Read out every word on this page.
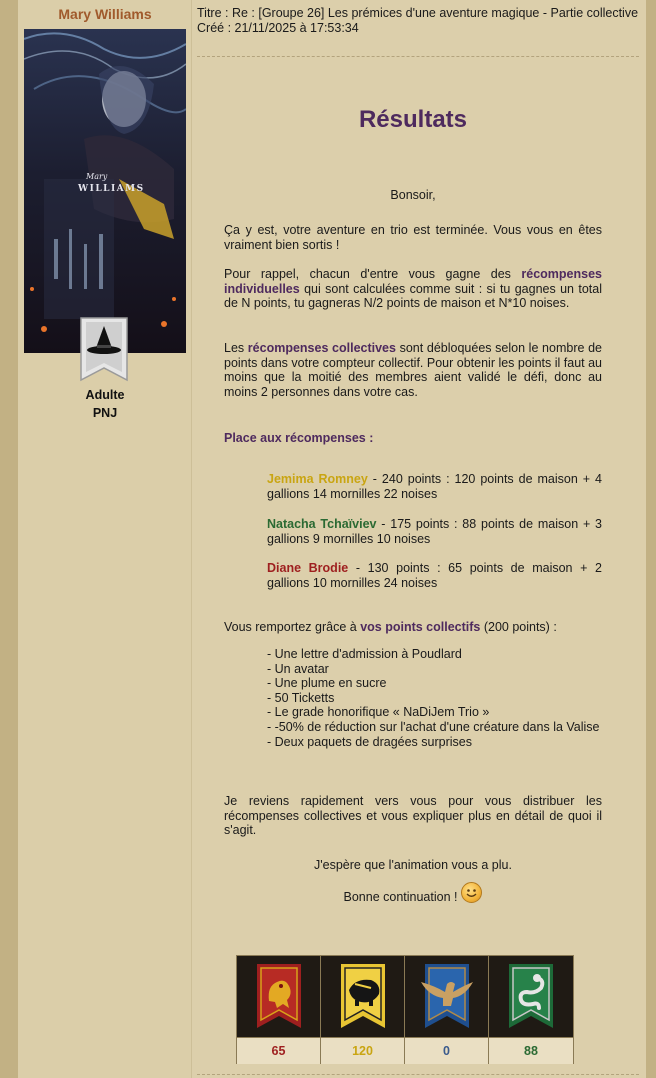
Mary Williams
WILLIAMS
Mary
Adulte
PNJ
Titre : Re : [Groupe 26] Les prémices d'une aventure magique - Partie collective
Créé : 21/11/2025 à 17:53:34
Résultats
Bonsoir,
Ça y est, votre aventure en trio est terminée. Vous vous en êtes vraiment bien sortis !
Pour rappel, chacun d'entre vous gagne des récompenses individuelles qui sont calculées comme suit : si tu gagnes un total de N points, tu gagneras N/2 points de maison et N*10 noises.
Les récompenses collectives sont débloquées selon le nombre de points dans votre compteur collectif. Pour obtenir les points il faut au moins que la moitié des membres aient validé le défi, donc au moins 2 personnes dans votre cas.
Place aux récompenses :
Jemima Romney - 240 points : 120 points de maison + 4 gallions 14 mornilles 22 noises
Natacha Tchaïviev - 175 points : 88 points de maison + 3 gallions 9 mornilles 10 noises
Diane Brodie - 130 points : 65 points de maison + 2 gallions 10 mornilles 24 noises
Vous remportez grâce à vos points collectifs (200 points) :
- Une lettre d'admission à Poudlard
- Un avatar
- Une plume en sucre
- 50 Ticketts
- Le grade honorifique « NaDiJem Trio »
- -50% de réduction sur l'achat d'une créature dans la Valise
- Deux paquets de dragées surprises
Je reviens rapidement vers vous pour vous distribuer les récompenses collectives et vous expliquer plus en détail de quoi il s'agit.
J'espère que l'animation vous a plu.
Bonne continuation !
65	120	0	88
